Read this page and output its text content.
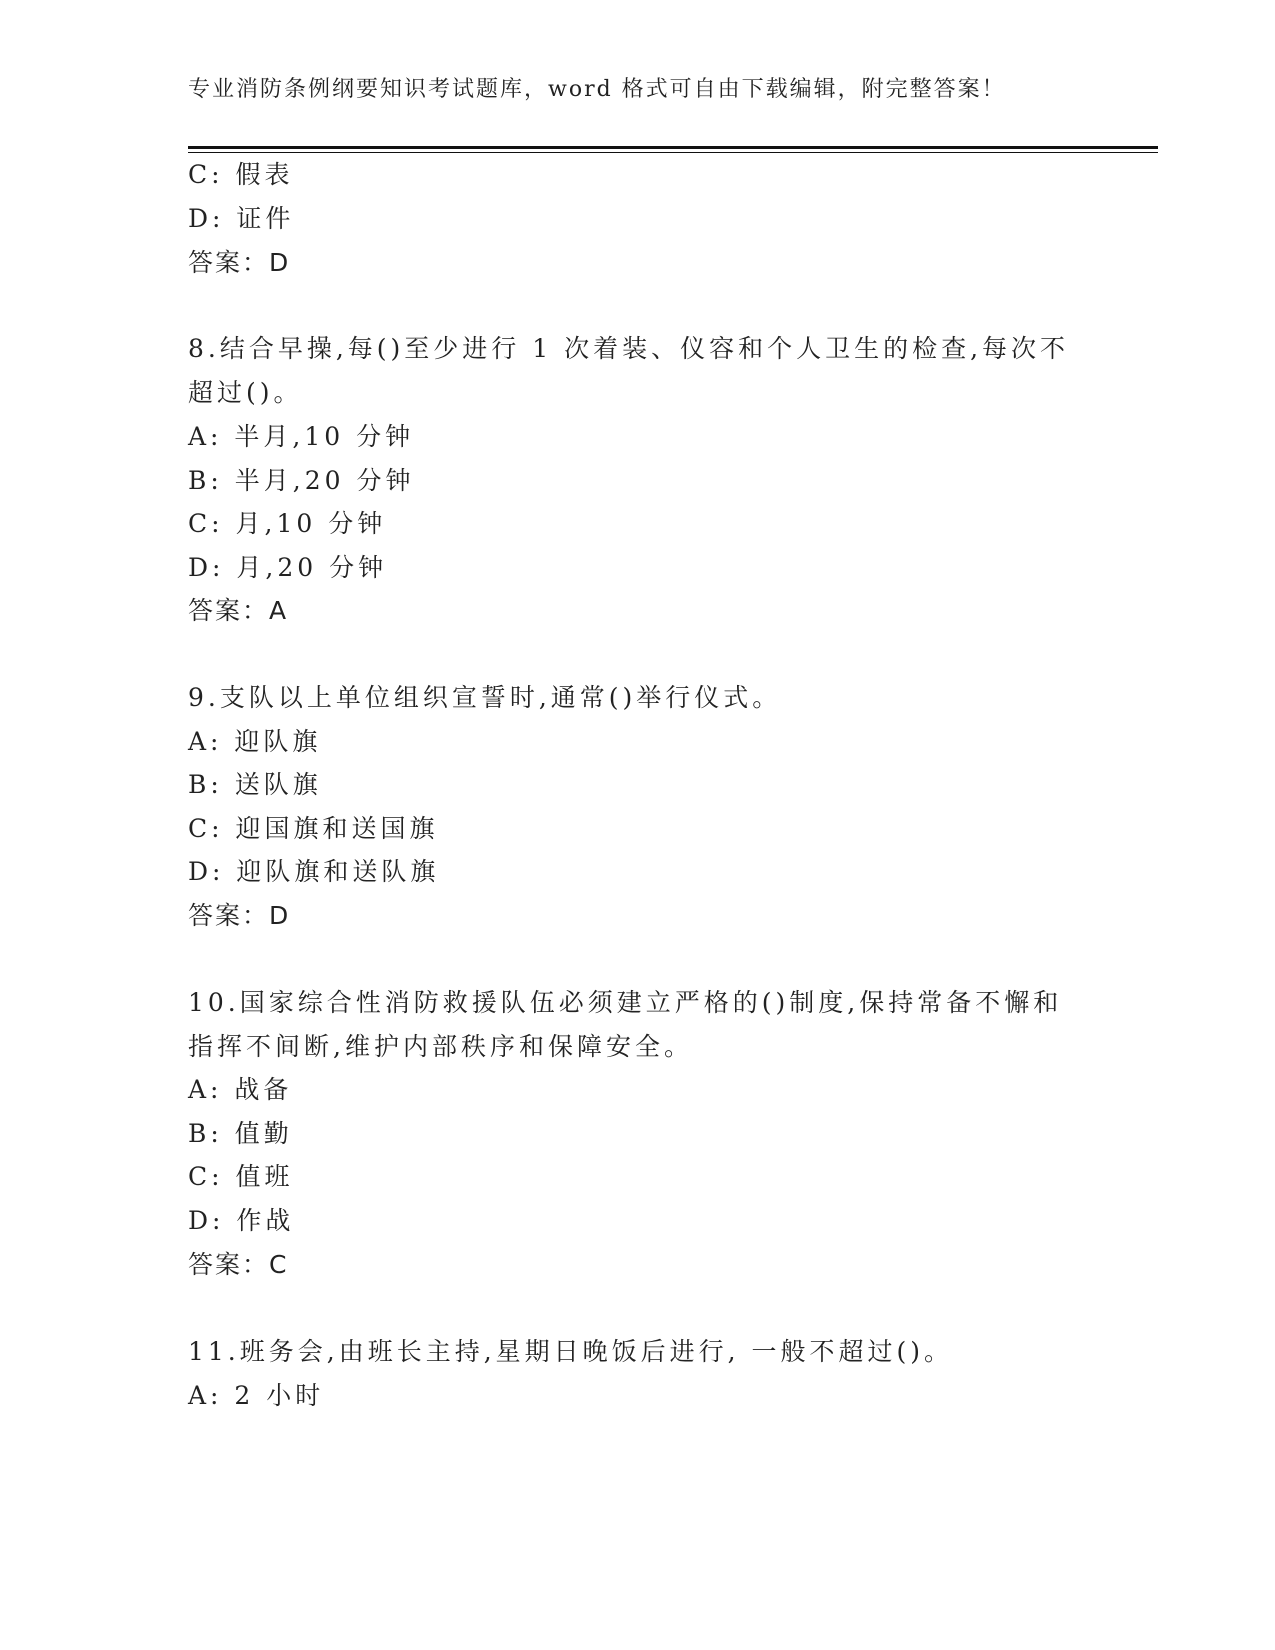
专业消防条例纲要知识考试题库，word 格式可自由下载编辑，附完整答案！
C: 假表
D: 证件
答案：D
8.结合早操,每()至少进行 1 次着装、仪容和个人卫生的检查,每次不
超过()。
A: 半月,10 分钟
B: 半月,20 分钟
C: 月,10 分钟
D: 月,20 分钟
答案：A
9.支队以上单位组织宣誓时,通常()举行仪式。
A: 迎队旗
B: 送队旗
C: 迎国旗和送国旗
D: 迎队旗和送队旗
答案：D
10.国家综合性消防救援队伍必须建立严格的()制度,保持常备不懈和
指挥不间断,维护内部秩序和保障安全。
A: 战备
B: 值勤
C: 值班
D: 作战
答案：C
11.班务会,由班长主持,星期日晚饭后进行, 一般不超过()。
A: 2 小时
